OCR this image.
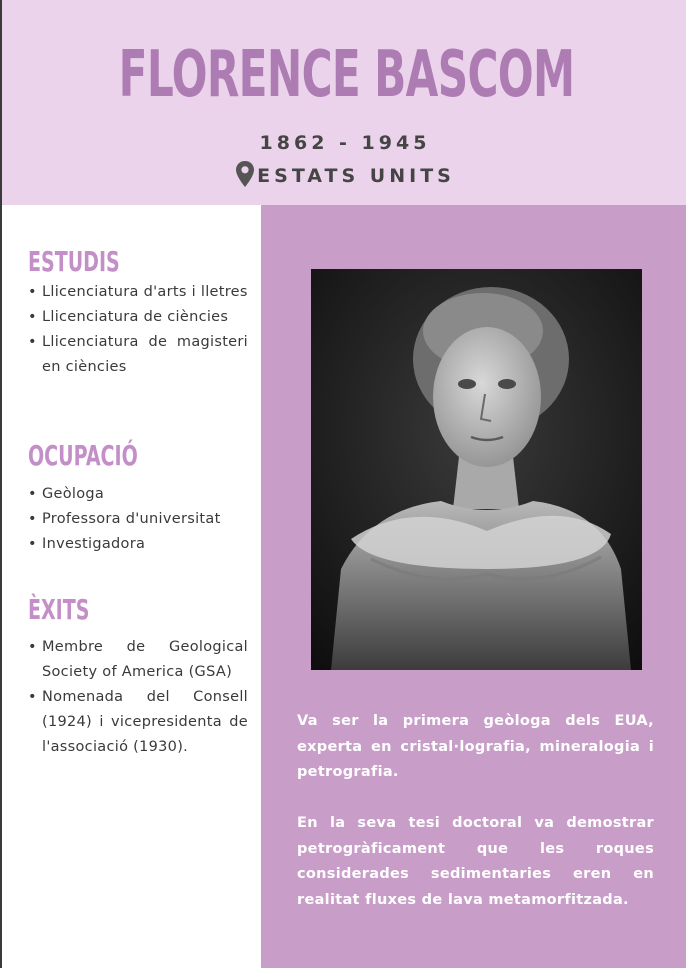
FLORENCE BASCOM
1862 - 1945
ESTATS UNITS
ESTUDIS
• Llicenciatura d'arts i lletres
• Llicenciatura de ciències
• Llicenciatura de magisteri en ciències
OCUPACIÓ
• Geòloga
• Professora d'universitat
• Investigadora
ÈXITS
• Membre de Geological Society of America (GSA)
• Nomenada del Consell (1924) i vicepresidenta de l'associació (1930).

Va ser la primera geòloga dels EUA, experta en cristal·lografia, mineralogia i petrografia.

En la seva tesi doctoral va demostrar petrogràficament que les roques considerades sedimentaries eren en realitat fluxes de lava metamorfitzada.
